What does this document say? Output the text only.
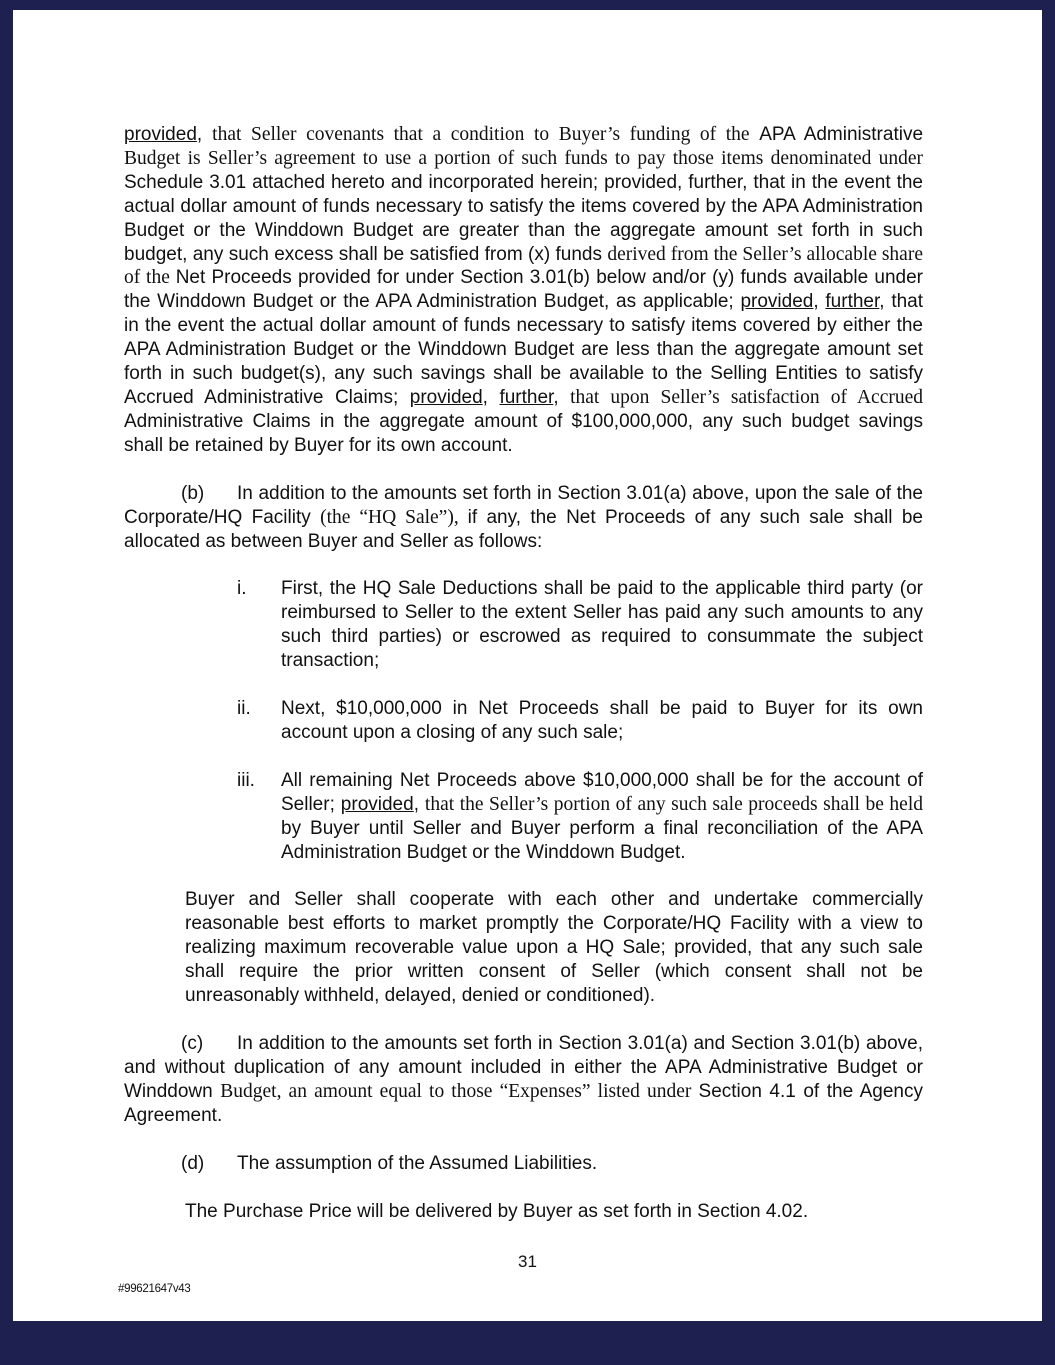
provided, that Seller covenants that a condition to Buyer’s funding of the APA Administrative Budget is Seller’s agreement to use a portion of such funds to pay those items denominated under Schedule 3.01 attached hereto and incorporated herein; provided, further, that in the event the actual dollar amount of funds necessary to satisfy the items covered by the APA Administration Budget or the Winddown Budget are greater than the aggregate amount set forth in such budget, any such excess shall be satisfied from (x) funds derived from the Seller’s allocable share of the Net Proceeds provided for under Section 3.01(b) below and/or (y) funds available under the Winddown Budget or the APA Administration Budget, as applicable; provided, further, that in the event the actual dollar amount of funds necessary to satisfy items covered by either the APA Administration Budget or the Winddown Budget are less than the aggregate amount set forth in such budget(s), any such savings shall be available to the Selling Entities to satisfy Accrued Administrative Claims; provided, further, that upon Seller’s satisfaction of Accrued Administrative Claims in the aggregate amount of $100,000,000, any such budget savings shall be retained by Buyer for its own account.

(b) In addition to the amounts set forth in Section 3.01(a) above, upon the sale of the Corporate/HQ Facility (the “HQ Sale”), if any, the Net Proceeds of any such sale shall be allocated as between Buyer and Seller as follows:

i. First, the HQ Sale Deductions shall be paid to the applicable third party (or reimbursed to Seller to the extent Seller has paid any such amounts to any such third parties) or escrowed as required to consummate the subject transaction;

ii. Next, $10,000,000 in Net Proceeds shall be paid to Buyer for its own account upon a closing of any such sale;

iii. All remaining Net Proceeds above $10,000,000 shall be for the account of Seller; provided, that the Seller’s portion of any such sale proceeds shall be held by Buyer until Seller and Buyer perform a final reconciliation of the APA Administration Budget or the Winddown Budget.

Buyer and Seller shall cooperate with each other and undertake commercially reasonable best efforts to market promptly the Corporate/HQ Facility with a view to realizing maximum recoverable value upon a HQ Sale; provided, that any such sale shall require the prior written consent of Seller (which consent shall not be unreasonably withheld, delayed, denied or conditioned).

(c) In addition to the amounts set forth in Section 3.01(a) and Section 3.01(b) above, and without duplication of any amount included in either the APA Administrative Budget or Winddown Budget, an amount equal to those “Expenses” listed under Section 4.1 of the Agency Agreement.

(d) The assumption of the Assumed Liabilities.

The Purchase Price will be delivered by Buyer as set forth in Section 4.02.

31
#99621647v43
